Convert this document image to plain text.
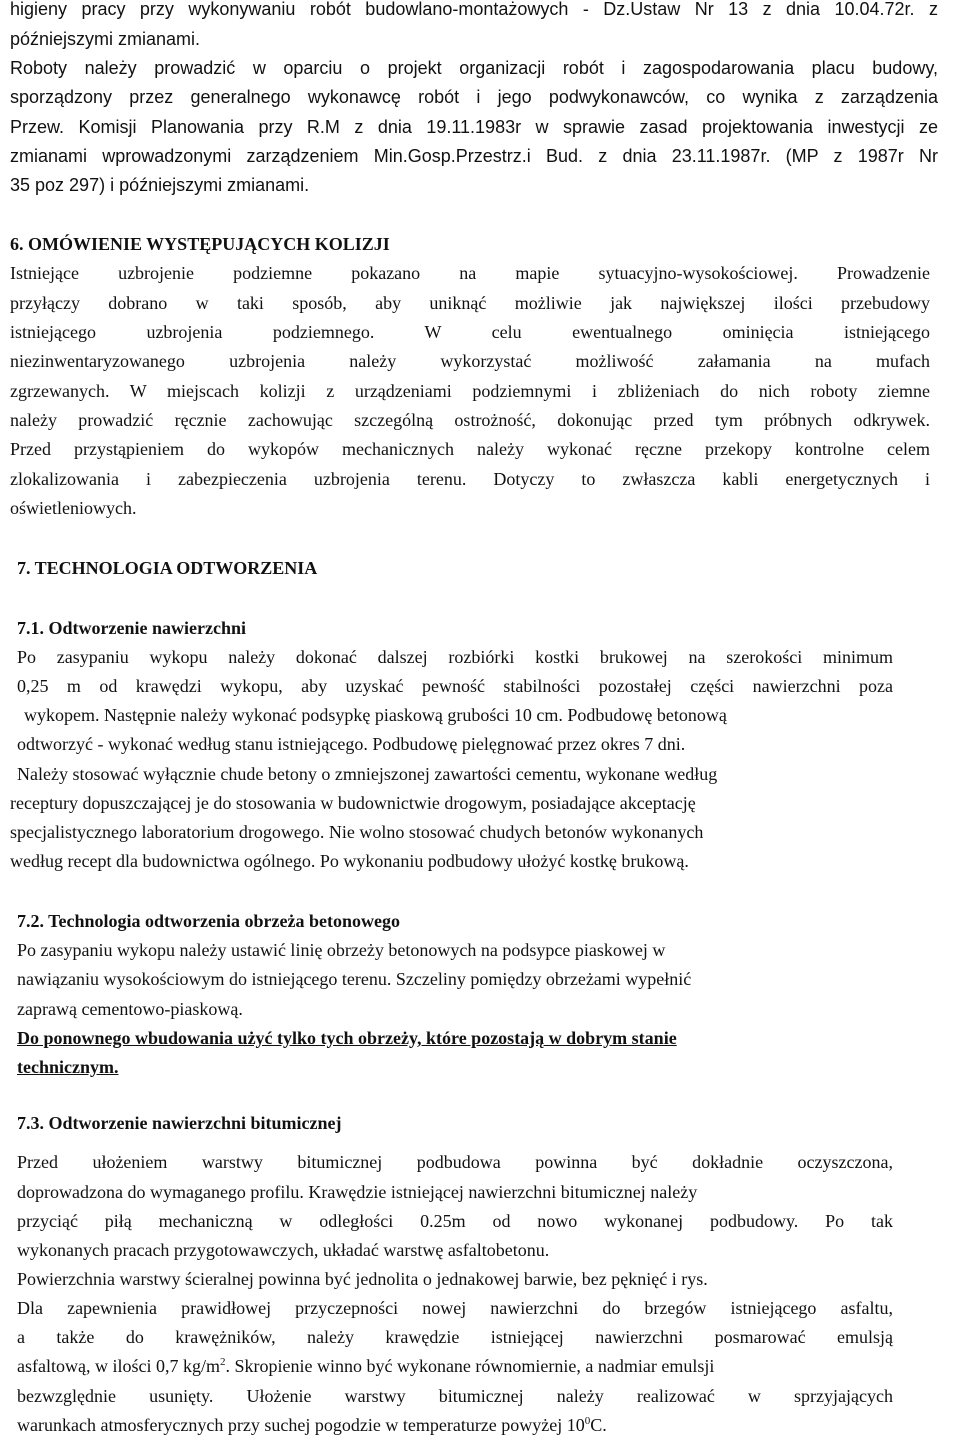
higieny pracy przy wykonywaniu robót budowlano-montażowych - Dz.Ustaw Nr 13 z dnia 10.04.72r. z
późniejszymi zmianami.
Roboty należy prowadzić w oparciu o projekt organizacji robót i zagospodarowania placu budowy,
sporządzony przez generalnego wykonawcę robót i jego podwykonawców, co wynika z zarządzenia
Przew. Komisji Planowania przy R.M z dnia 19.11.1983r w sprawie zasad projektowania inwestycji ze
zmianami wprowadzonymi zarządzeniem Min.Gosp.Przestrz.i Bud. z dnia 23.11.1987r. (MP z 1987r Nr
35 poz 297) i późniejszymi zmianami.
6. OMÓWIENIE WYSTĘPUJĄCYCH KOLIZJI
Istniejące uzbrojenie podziemne pokazano na mapie sytuacyjno-wysokościowej. Prowadzenie
przyłączy dobrano w taki sposób, aby uniknąć możliwie jak największej ilości przebudowy
istniejącego uzbrojenia podziemnego. W celu ewentualnego ominięcia istniejącego
niezinwentaryzowanego uzbrojenia należy wykorzystać możliwość załamania na mufach
zgrzewanych. W miejscach kolizji z urządzeniami podziemnymi i zbliżeniach do nich roboty ziemne
należy prowadzić ręcznie zachowując szczególną ostrożność, dokonując przed tym próbnych odkrywek.
Przed przystąpieniem do wykopów mechanicznych należy wykonać ręczne przekopy kontrolne celem
zlokalizowania i zabezpieczenia uzbrojenia terenu. Dotyczy to zwłaszcza kabli energetycznych i
oświetleniowych.
7. TECHNOLOGIA ODTWORZENIA
7.1. Odtworzenie nawierzchni
Po zasypaniu wykopu należy dokonać dalszej rozbiórki kostki brukowej na szerokości minimum
0,25 m od krawędzi wykopu, aby uzyskać pewność stabilności pozostałej części nawierzchni poza
wykopem. Następnie należy wykonać podsypkę piaskową grubości 10 cm. Podbudowę betonową
odtworzyć - wykonać według stanu istniejącego. Podbudowę pielęgnować przez okres 7 dni.
Należy stosować wyłącznie chude betony o zmniejszonej zawartości cementu, wykonane według
receptury dopuszczającej je do stosowania w budownictwie drogowym, posiadające akceptację
specjalistycznego laboratorium drogowego. Nie wolno stosować chudych betonów wykonanych
według recept dla budownictwa ogólnego. Po wykonaniu podbudowy ułożyć kostkę brukową.
7.2. Technologia odtworzenia obrzeża betonowego
Po zasypaniu wykopu należy ustawić linię obrzeży betonowych na podsypce piaskowej w
nawiązaniu wysokościowym do istniejącego terenu. Szczeliny pomiędzy obrzeżami wypełnić
zaprawą cementowo-piaskową.
Do ponownego wbudowania użyć tylko tych obrzeży, które pozostają w dobrym stanie
technicznym.
7.3. Odtworzenie nawierzchni bitumicznej
Przed ułożeniem warstwy bitumicznej podbudowa powinna być dokładnie oczyszczona,
doprowadzona do wymaganego profilu. Krawędzie istniejącej nawierzchni bitumicznej należy
przyciąć piłą mechaniczną w odległości 0.25m od nowo wykonanej podbudowy. Po tak
wykonanych pracach przygotowawczych, układać warstwę asfaltobetonu.
Powierzchnia warstwy ścieralnej powinna być jednolita o jednakowej barwie, bez pęknięć i rys.
Dla zapewnienia prawidłowej przyczepności nowej nawierzchni do brzegów istniejącego asfaltu,
a także do krawężników, należy krawędzie istniejącej nawierzchni posmarować emulsją
asfaltową, w ilości 0,7 $kg/m^2$. Skropienie winno być wykonane równomiernie, a nadmiar emulsji
bezwzględnie usunięty. Ułożenie warstwy bitumicznej należy realizować w sprzyjających
warunkach atmosferycznych przy suchej pogodzie w temperaturze powyżej $10^0C$.
